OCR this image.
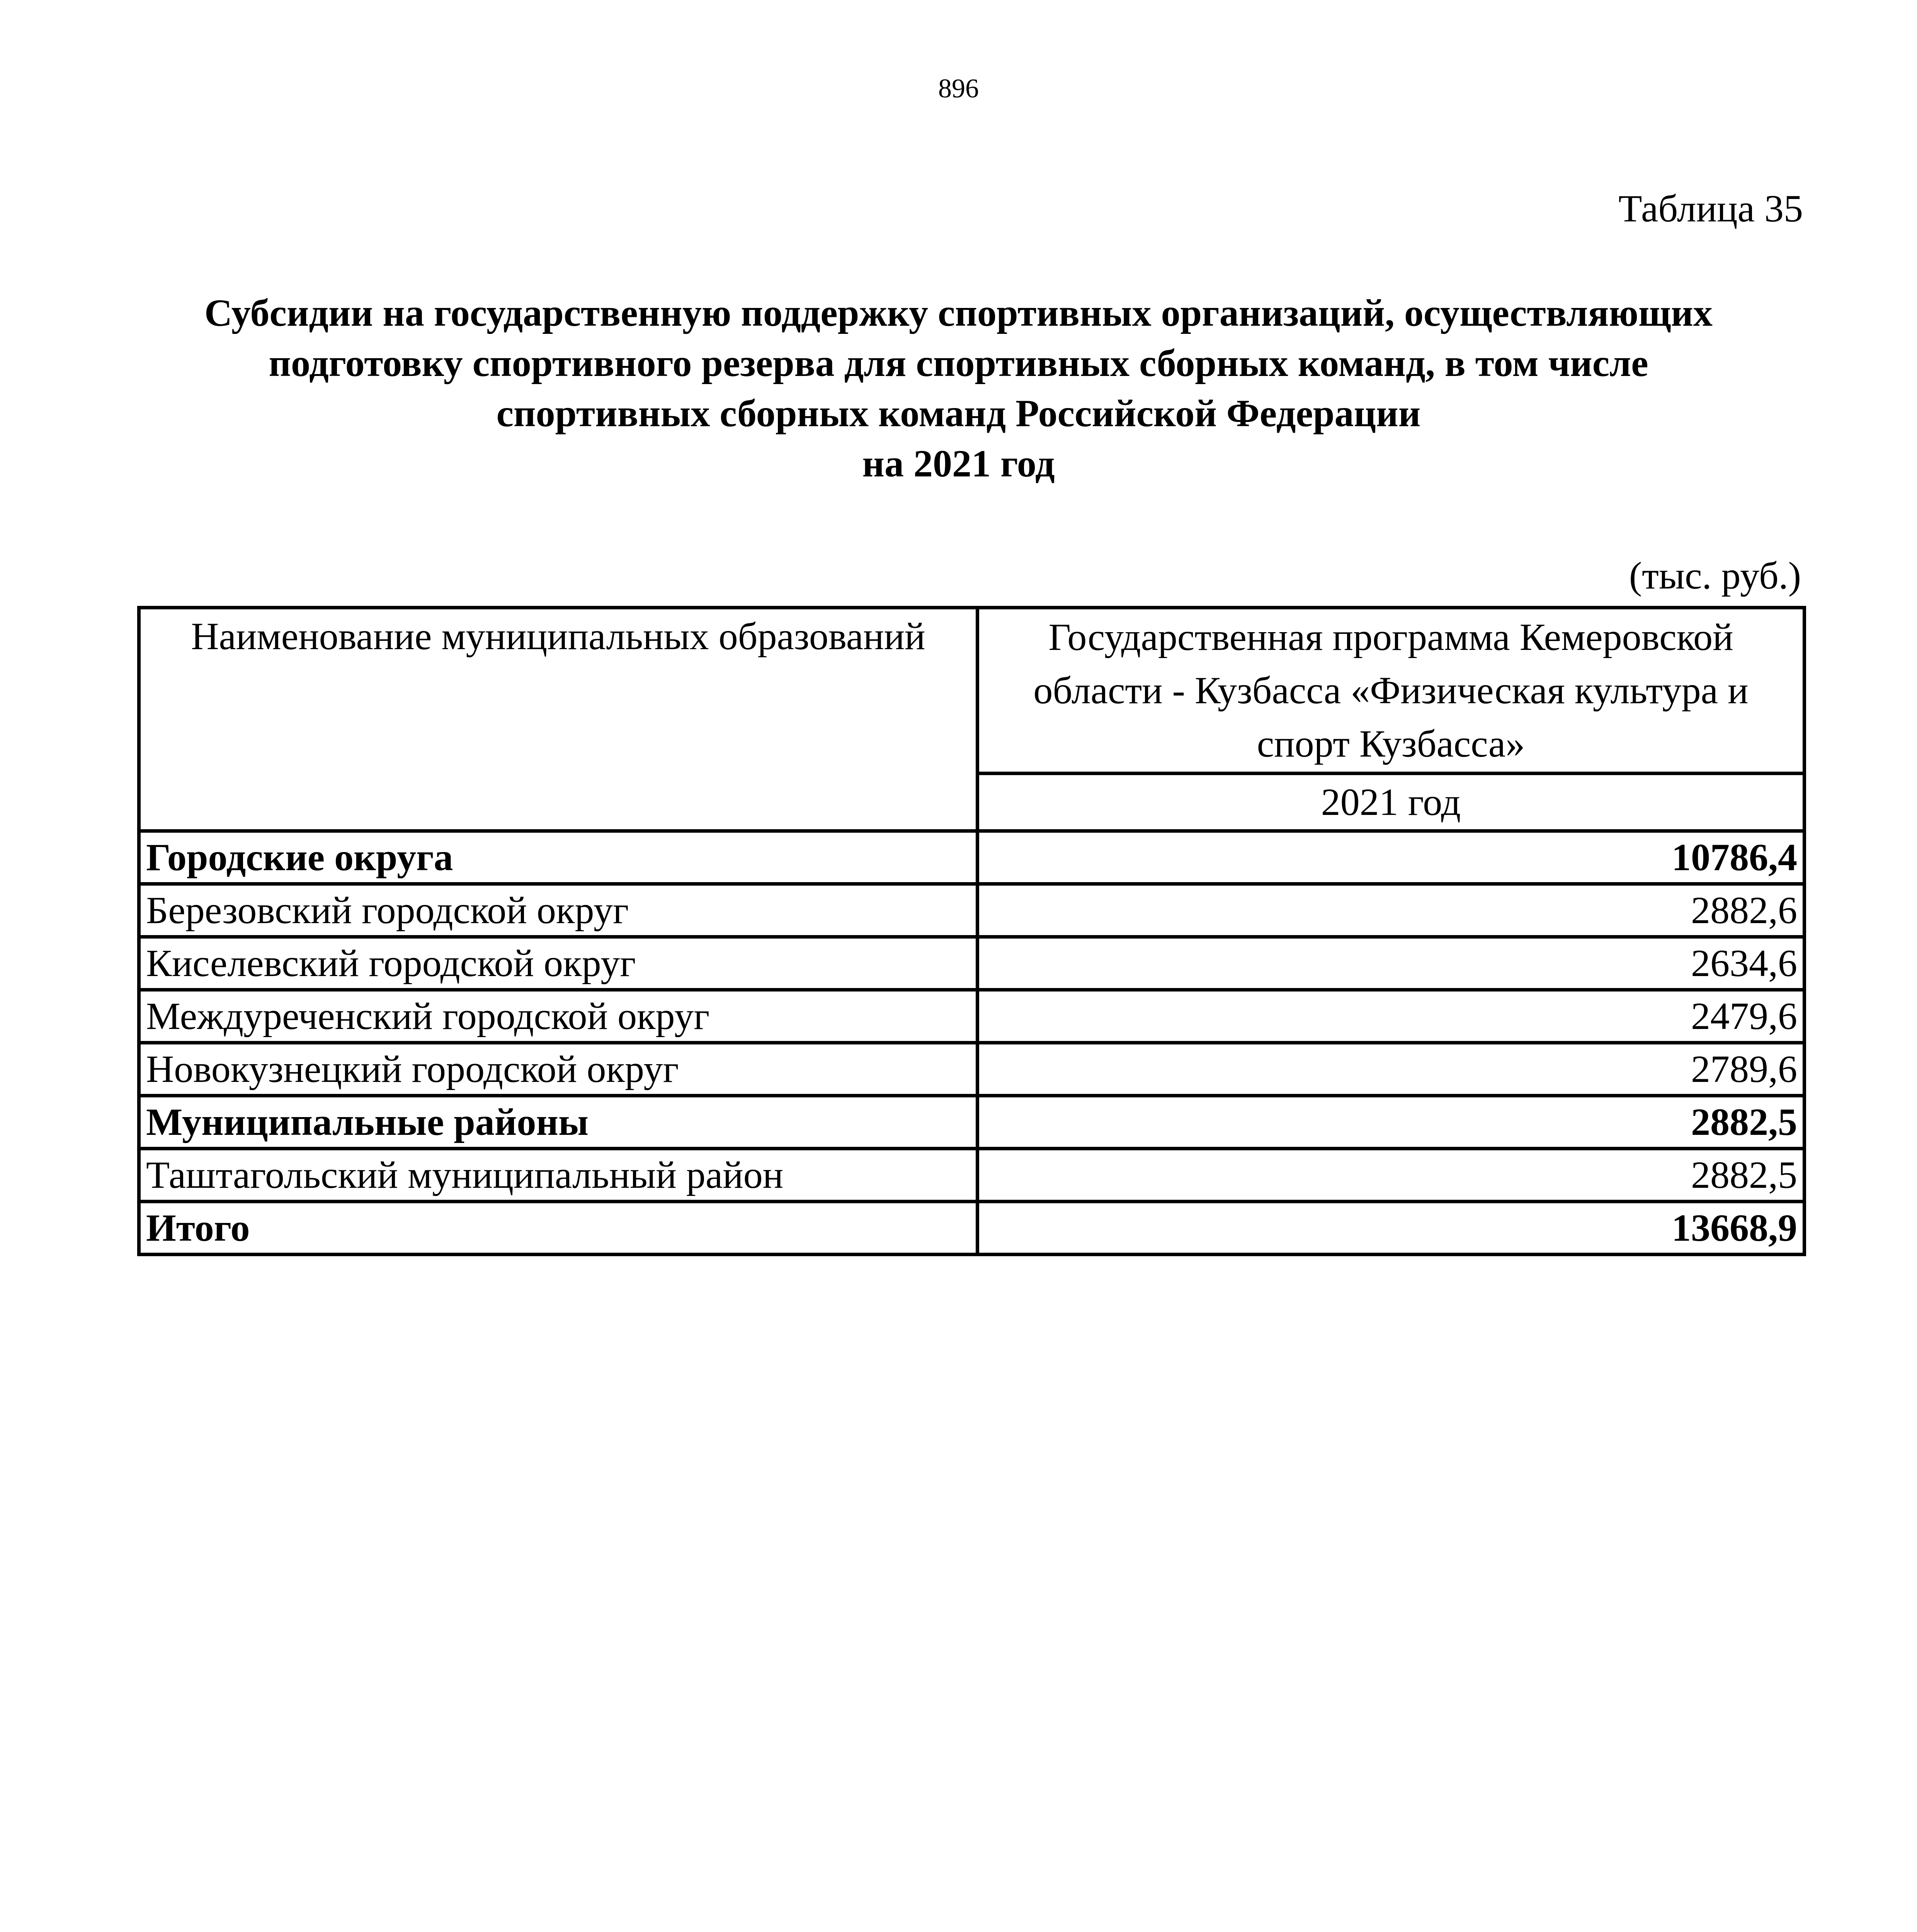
896
Таблица 35
Субсидии на государственную поддержку спортивных организаций, осуществляющих
подготовку спортивного резерва для спортивных сборных команд, в том числе
спортивных сборных команд Российской Федерации
на 2021 год
(тыс. руб.)
Наименование муниципальных образований	Государственная программа Кемеровской области - Кузбасса «Физическая культура и спорт Кузбасса»
	2021 год
Городские округа	10786,4
Березовский городской округ	2882,6
Киселевский городской округ	2634,6
Междуреченский городской округ	2479,6
Новокузнецкий городской округ	2789,6
Муниципальные районы	2882,5
Таштагольский муниципальный район	2882,5
Итого	13668,9
